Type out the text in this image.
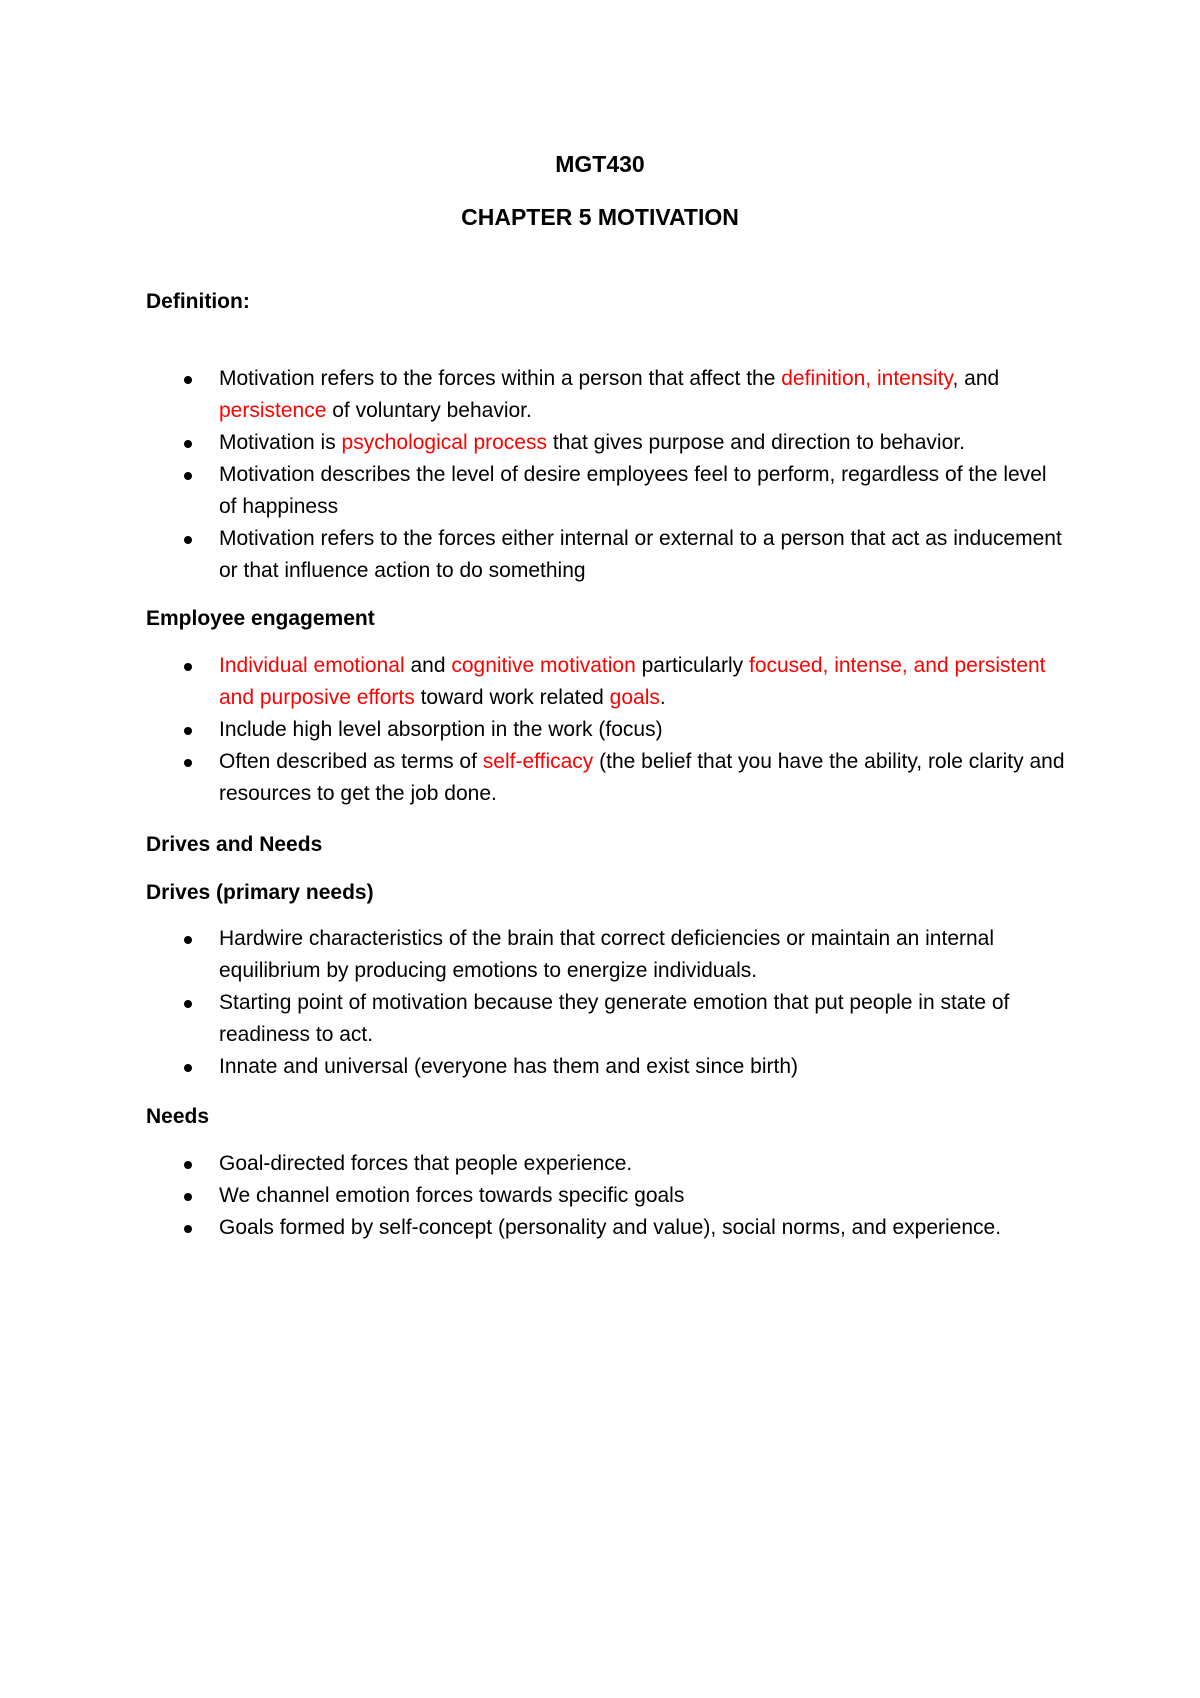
MGT430
CHAPTER 5 MOTIVATION
Definition:
Motivation refers to the forces within a person that affect the definition, intensity, and persistence of voluntary behavior.
Motivation is psychological process that gives purpose and direction to behavior.
Motivation describes the level of desire employees feel to perform, regardless of the level of happiness
Motivation refers to the forces either internal or external to a person that act as inducement or that influence action to do something
Employee engagement
Individual emotional and cognitive motivation particularly focused, intense, and persistent and purposive efforts toward work related goals.
Include high level absorption in the work (focus)
Often described as terms of self-efficacy (the belief that you have the ability, role clarity and resources to get the job done.
Drives and Needs
Drives (primary needs)
Hardwire characteristics of the brain that correct deficiencies or maintain an internal equilibrium by producing emotions to energize individuals.
Starting point of motivation because they generate emotion that put people in state of readiness to act.
Innate and universal (everyone has them and exist since birth)
Needs
Goal-directed forces that people experience.
We channel emotion forces towards specific goals
Goals formed by self-concept (personality and value), social norms, and experience.
